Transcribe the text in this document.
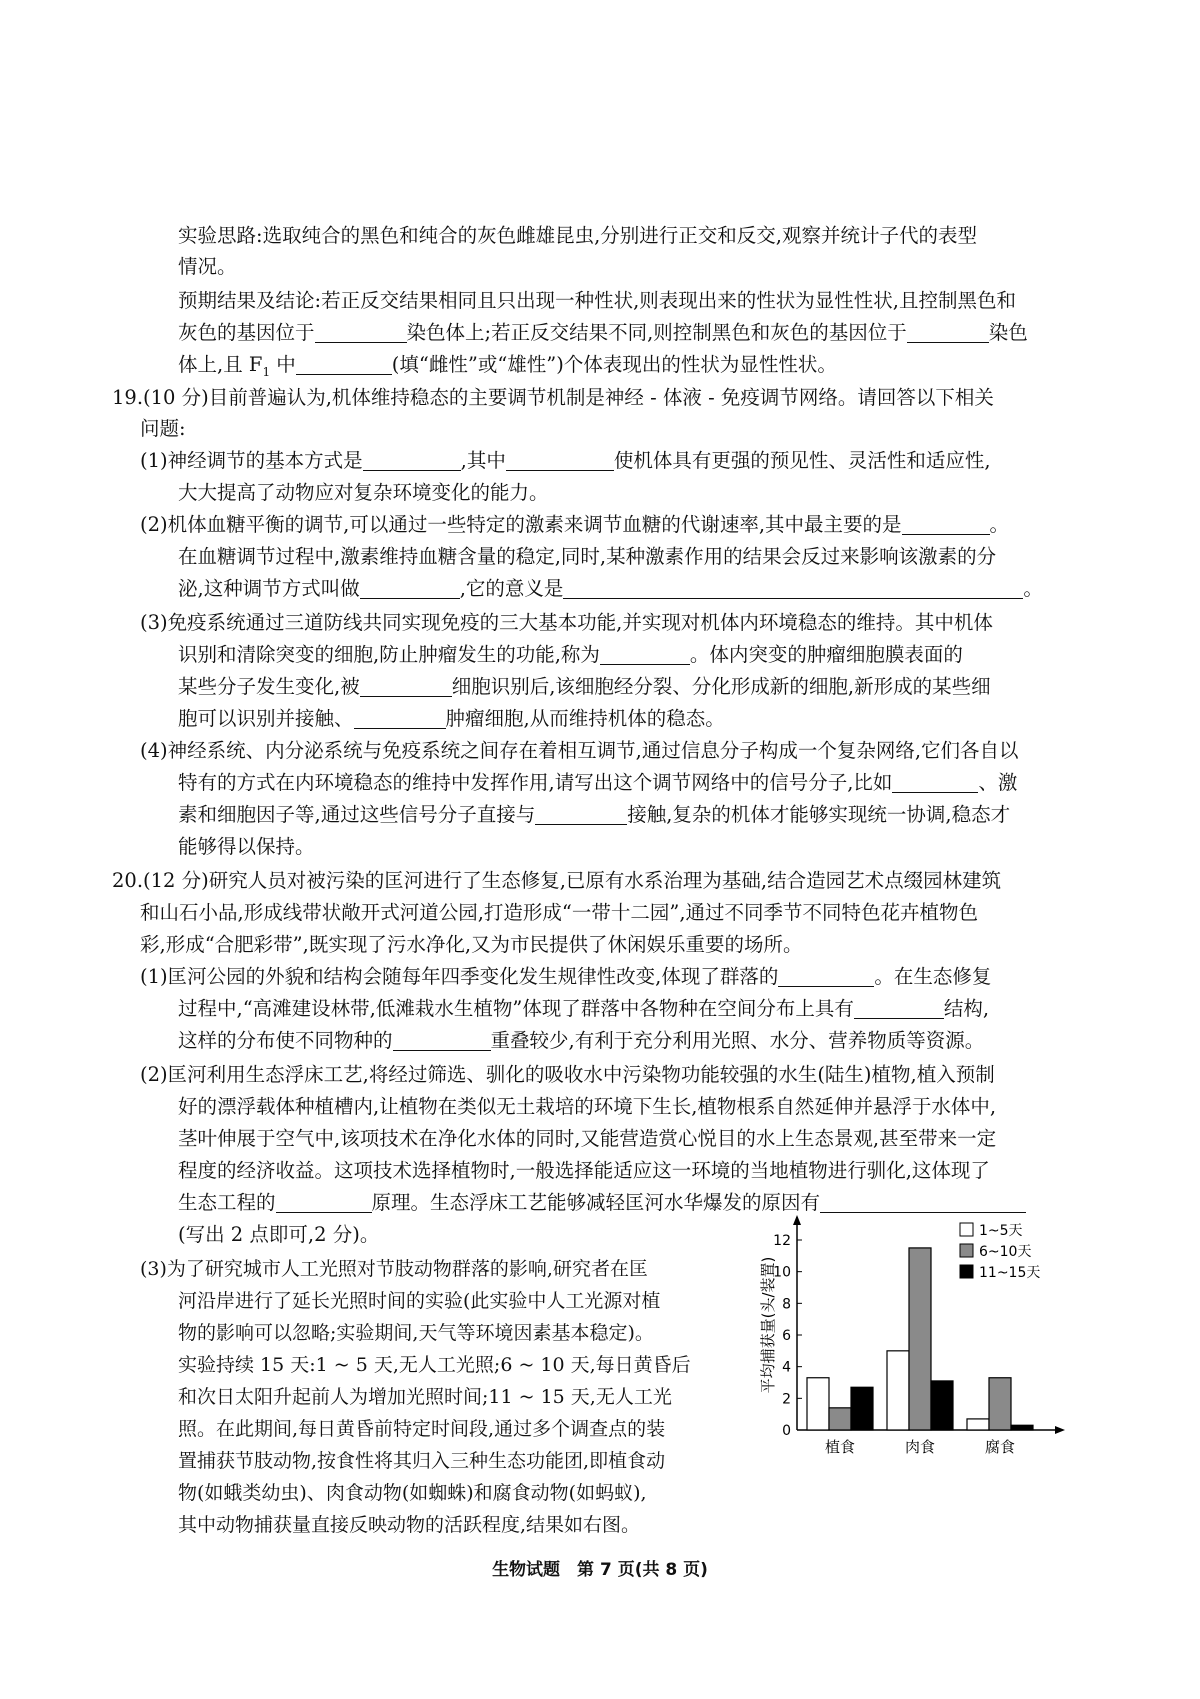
实验思路:选取纯合的黑色和纯合的灰色雌雄昆虫,分别进行正交和反交,观察并统计子代的表型
情况。
预期结果及结论:若正反交结果相同且只出现一种性状,则表现出来的性状为显性性状,且控制黑色和
灰色的基因位于	染色体上;若正反交结果不同,则控制黑色和灰色的基因位于	染色
体上,且 $F_1$ 中	(填“雌性”或“雄性”)个体表现出的性状为显性性状。
19.(10 分)目前普遍认为,机体维持稳态的主要调节机制是神经 - 体液 - 免疫调节网络。请回答以下相关
问题:
(1)神经调节的基本方式是	,其中	使机体具有更强的预见性、灵活性和适应性,
大大提高了动物应对复杂环境变化的能力。
(2)机体血糖平衡的调节,可以通过一些特定的激素来调节血糖的代谢速率,其中最主要的是	。
在血糖调节过程中,激素维持血糖含量的稳定,同时,某种激素作用的结果会反过来影响该激素的分
泌,这种调节方式叫做	,它的意义是	。
(3)免疫系统通过三道防线共同实现免疫的三大基本功能,并实现对机体内环境稳态的维持。其中机体
识别和清除突变的细胞,防止肿瘤发生的功能,称为	。体内突变的肿瘤细胞膜表面的
某些分子发生变化,被	细胞识别后,该细胞经分裂、分化形成新的细胞,新形成的某些细
胞可以识别并接触、	肿瘤细胞,从而维持机体的稳态。
(4)神经系统、内分泌系统与免疫系统之间存在着相互调节,通过信息分子构成一个复杂网络,它们各自以
特有的方式在内环境稳态的维持中发挥作用,请写出这个调节网络中的信号分子,比如	、激
素和细胞因子等,通过这些信号分子直接与	接触,复杂的机体才能够实现统一协调,稳态才
能够得以保持。
20.(12 分)研究人员对被污染的匡河进行了生态修复,已原有水系治理为基础,结合造园艺术点缀园林建筑
和山石小品,形成线带状敞开式河道公园,打造形成“一带十二园”,通过不同季节不同特色花卉植物色
彩,形成“合肥彩带”,既实现了污水净化,又为市民提供了休闲娱乐重要的场所。
(1)匡河公园的外貌和结构会随每年四季变化发生规律性改变,体现了群落的	。在生态修复
过程中,“高滩建设林带,低滩栽水生植物”体现了群落中各物种在空间分布上具有	结构,
这样的分布使不同物种的	重叠较少,有利于充分利用光照、水分、营养物质等资源。
(2)匡河利用生态浮床工艺,将经过筛选、驯化的吸收水中污染物功能较强的水生(陆生)植物,植入预制
好的漂浮载体种植槽内,让植物在类似无土栽培的环境下生长,植物根系自然延伸并悬浮于水体中,
茎叶伸展于空气中,该项技术在净化水体的同时,又能营造赏心悦目的水上生态景观,甚至带来一定
程度的经济收益。这项技术选择植物时,一般选择能适应这一环境的当地植物进行驯化,这体现了
生态工程的	原理。生态浮床工艺能够减轻匡河水华爆发的原因有
(写出 2 点即可,2 分)。
(3)为了研究城市人工光照对节肢动物群落的影响,研究者在匡
河沿岸进行了延长光照时间的实验(此实验中人工光源对植
物的影响可以忽略;实验期间,天气等环境因素基本稳定)。
实验持续 15 天:1 ~ 5 天,无人工光照;6 ~ 10 天,每日黄昏后
和次日太阳升起前人为增加光照时间;11 ~ 15 天,无人工光
照。在此期间,每日黄昏前特定时间段,通过多个调查点的装
置捕获节肢动物,按食性将其归入三种生态功能团,即植食动
物(如蛾类幼虫)、肉食动物(如蜘蛛)和腐食动物(如蚂蚁),
其中动物捕获量直接反映动物的活跃程度,结果如右图。
0
2
4
6
8
10
12
平均捕获量(头/装置)
植食	肉食	腐食
1~5天
6~10天
11~15天
生物试题　第 7 页(共 8 页)
